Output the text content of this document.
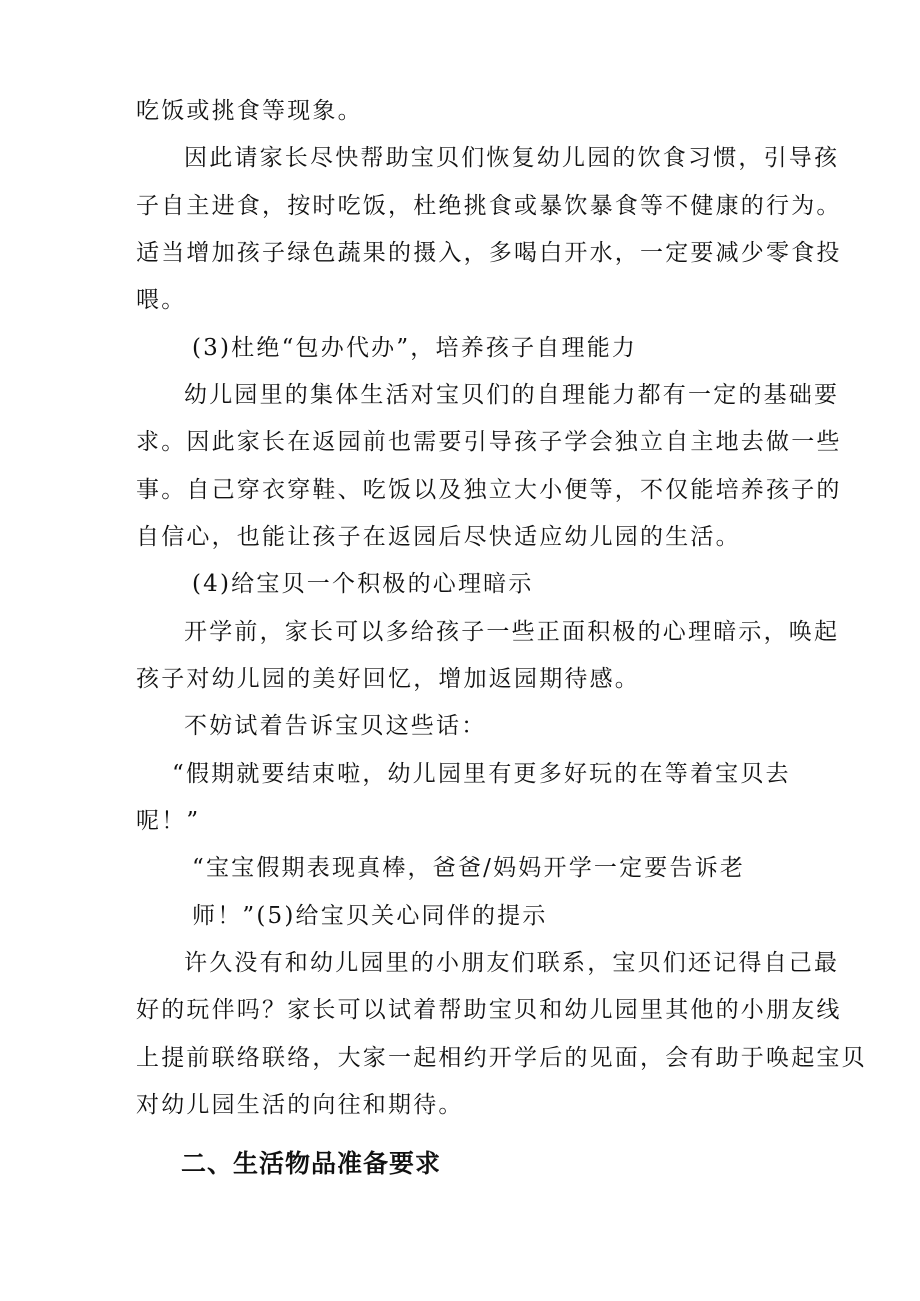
吃饭或挑食等现象。
因此请家长尽快帮助宝贝们恢复幼儿园的饮食习惯，引导孩
子自主进食，按时吃饭，杜绝挑食或暴饮暴食等不健康的行为。
适当增加孩子绿色蔬果的摄入，多喝白开水，一定要减少零食投
喂。
(3)杜绝“包办代办”，培养孩子自理能力
幼儿园里的集体生活对宝贝们的自理能力都有一定的基础要
求。因此家长在返园前也需要引导孩子学会独立自主地去做一些
事。自己穿衣穿鞋、吃饭以及独立大小便等，不仅能培养孩子的
自信心，也能让孩子在返园后尽快适应幼儿园的生活。
(4)给宝贝一个积极的心理暗示
开学前，家长可以多给孩子一些正面积极的心理暗示，唤起
孩子对幼儿园的美好回忆，增加返园期待感。
不妨试着告诉宝贝这些话：
“假期就要结束啦，幼儿园里有更多好玩的在等着宝贝去
呢！”
“宝宝假期表现真棒，爸爸/妈妈开学一定要告诉老
师！”(5)给宝贝关心同伴的提示
许久没有和幼儿园里的小朋友们联系，宝贝们还记得自己最
好的玩伴吗？家长可以试着帮助宝贝和幼儿园里其他的小朋友线
上提前联络联络，大家一起相约开学后的见面，会有助于唤起宝贝
对幼儿园生活的向往和期待。
二、生活物品准备要求
